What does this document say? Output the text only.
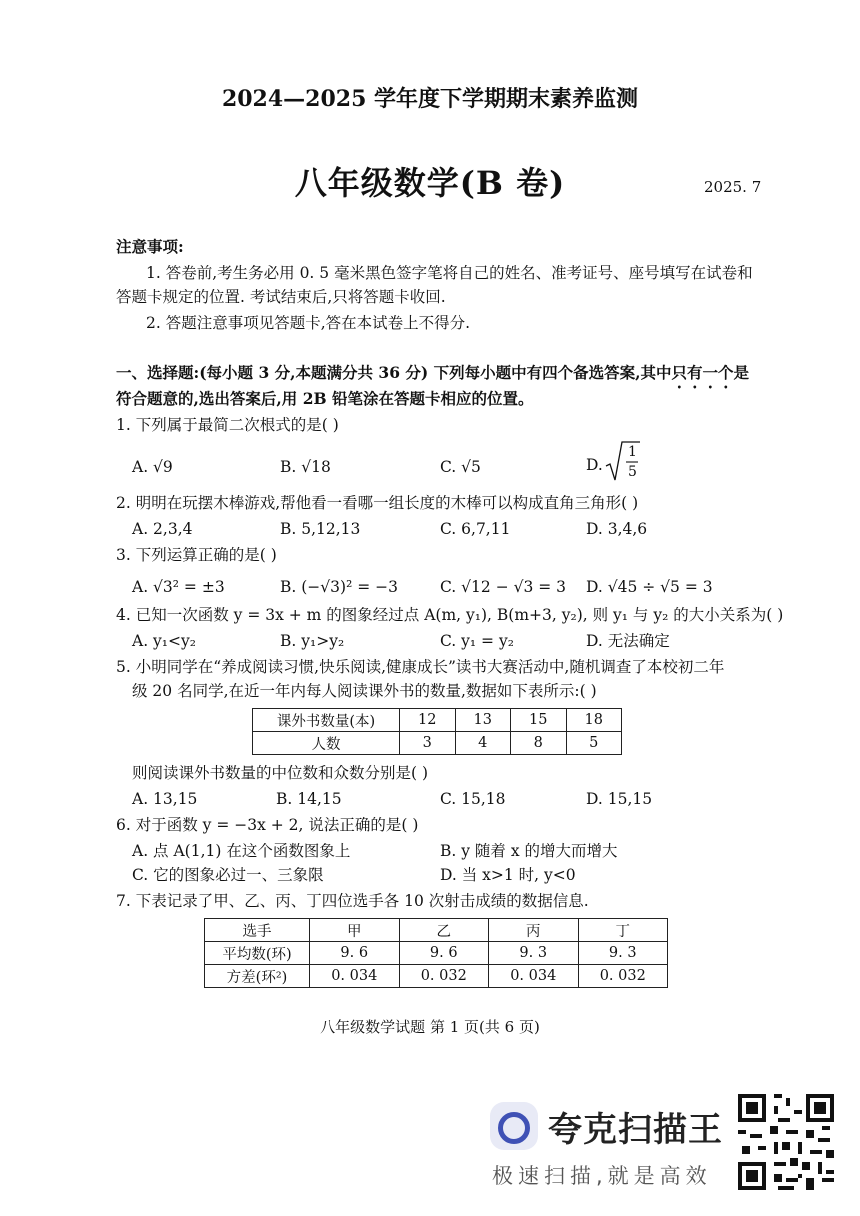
2024—2025 学年度下学期期末素养监测
八年级数学(B 卷)	2025. 7
注意事项:
1. 答卷前,考生务必用 0. 5 毫米黑色签字笔将自己的姓名、准考证号、座号填写在试卷和
答题卡规定的位置. 考试结束后,只将答题卡收回.
2. 答题注意事项见答题卡,答在本试卷上不得分.
一、选择题:(每小题 3 分,本题满分共 36 分) 下列每小题中有四个备选答案,其中只有一个是
符合题意的,选出答案后,用 2B 铅笔涂在答题卡相应的位置。
1. 下列属于最简二次根式的是( )
A. √9	B. √18	C. √5	D.
1
5
2. 明明在玩摆木棒游戏,帮他看一看哪一组长度的木棒可以构成直角三角形( )
A. 2,3,4	B. 5,12,13	C. 6,7,11	D. 3,4,6
3. 下列运算正确的是( )
A. √3² = ±3	B. (−√3)² = −3	C. √12 − √3 = 3 D. √45 ÷ √5 = 3
4. 已知一次函数 y = 3x + m 的图象经过点 A(m, y₁), B(m+3, y₂), 则 y₁ 与 y₂ 的大小关系为( )
A. y₁<y₂	B. y₁>y₂	C. y₁ = y₂	D. 无法确定
5. 小明同学在“养成阅读习惯,快乐阅读,健康成长”读书大赛活动中,随机调查了本校初二年
级 20 名同学,在近一年内每人阅读课外书的数量,数据如下表所示:( )
课外书数量(本)	12	13	15	18
人数	3	4	8	5
则阅读课外书数量的中位数和众数分别是( )
A. 13,15	B. 14,15	C. 15,18	D. 15,15
6. 对于函数 y = −3x + 2, 说法正确的是( )
A. 点 A(1,1) 在这个函数图象上	B. y 随着 x 的增大而增大
C. 它的图象必过一、三象限	D. 当 x>1 时, y<0
7. 下表记录了甲、乙、丙、丁四位选手各 10 次射击成绩的数据信息.
选手	甲	乙	丙	丁
平均数(环)	9. 6	9. 6	9. 3	9. 3
方差(环²)	0. 034	0. 032	0. 034	0. 032
八年级数学试题 第 1 页(共 6 页)
夸克扫描王
极速扫描,就是高效
